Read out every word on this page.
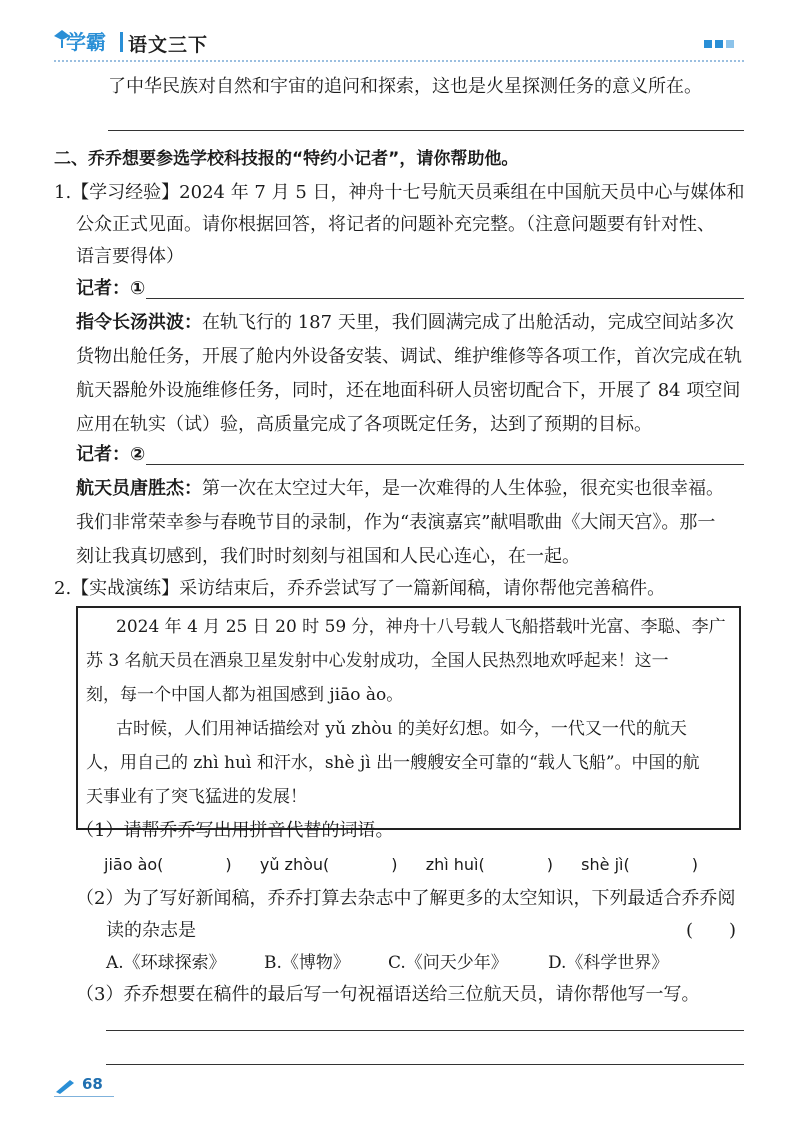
学霸 语文三下
了中华民族对自然和宇宙的追问和探索，这也是火星探测任务的意义所在。
二、乔乔想要参选学校科技报的“特约小记者”，请你帮助他。
1.【学习经验】2024 年 7 月 5 日，神舟十七号航天员乘组在中国航天员中心与媒体和
公众正式见面。请你根据回答，将记者的问题补充完整。（注意问题要有针对性、
语言要得体）
记者：①
指令长汤洪波：在轨飞行的 187 天里，我们圆满完成了出舱活动，完成空间站多次
货物出舱任务，开展了舱内外设备安装、调试、维护维修等各项工作，首次完成在轨
航天器舱外设施维修任务，同时，还在地面科研人员密切配合下，开展了 84 项空间
应用在轨实（试）验，高质量完成了各项既定任务，达到了预期的目标。
记者：②
航天员唐胜杰：第一次在太空过大年，是一次难得的人生体验，很充实也很幸福。
我们非常荣幸参与春晚节目的录制，作为“表演嘉宾”献唱歌曲《大闹天宫》。那一
刻让我真切感到，我们时时刻刻与祖国和人民心连心，在一起。
2.【实战演练】采访结束后，乔乔尝试写了一篇新闻稿，请你帮他完善稿件。
2024 年 4 月 25 日 20 时 59 分，神舟十八号载人飞船搭载叶光富、李聪、李广
苏 3 名航天员在酒泉卫星发射中心发射成功，全国人民热烈地欢呼起来！这一
刻，每一个中国人都为祖国感到 jiāo ào。
古时候，人们用神话描绘对 yǔ zhòu 的美好幻想。如今，一代又一代的航天
人，用自己的 zhì huì 和汗水，shè jì 出一艘艘安全可靠的“载人飞船”。中国的航
天事业有了突飞猛进的发展！
（1）请帮乔乔写出用拼音代替的词语。
jiāo ào(	) yǔ zhòu(	) zhì huì(	) shè jì(	)
（2）为了写好新闻稿，乔乔打算去杂志中了解更多的太空知识，下列最适合乔乔阅
读的杂志是	(　　)
A.《环球探索》 B.《博物》 C.《问天少年》 D.《科学世界》
（3）乔乔想要在稿件的最后写一句祝福语送给三位航天员，请你帮他写一写。
68
